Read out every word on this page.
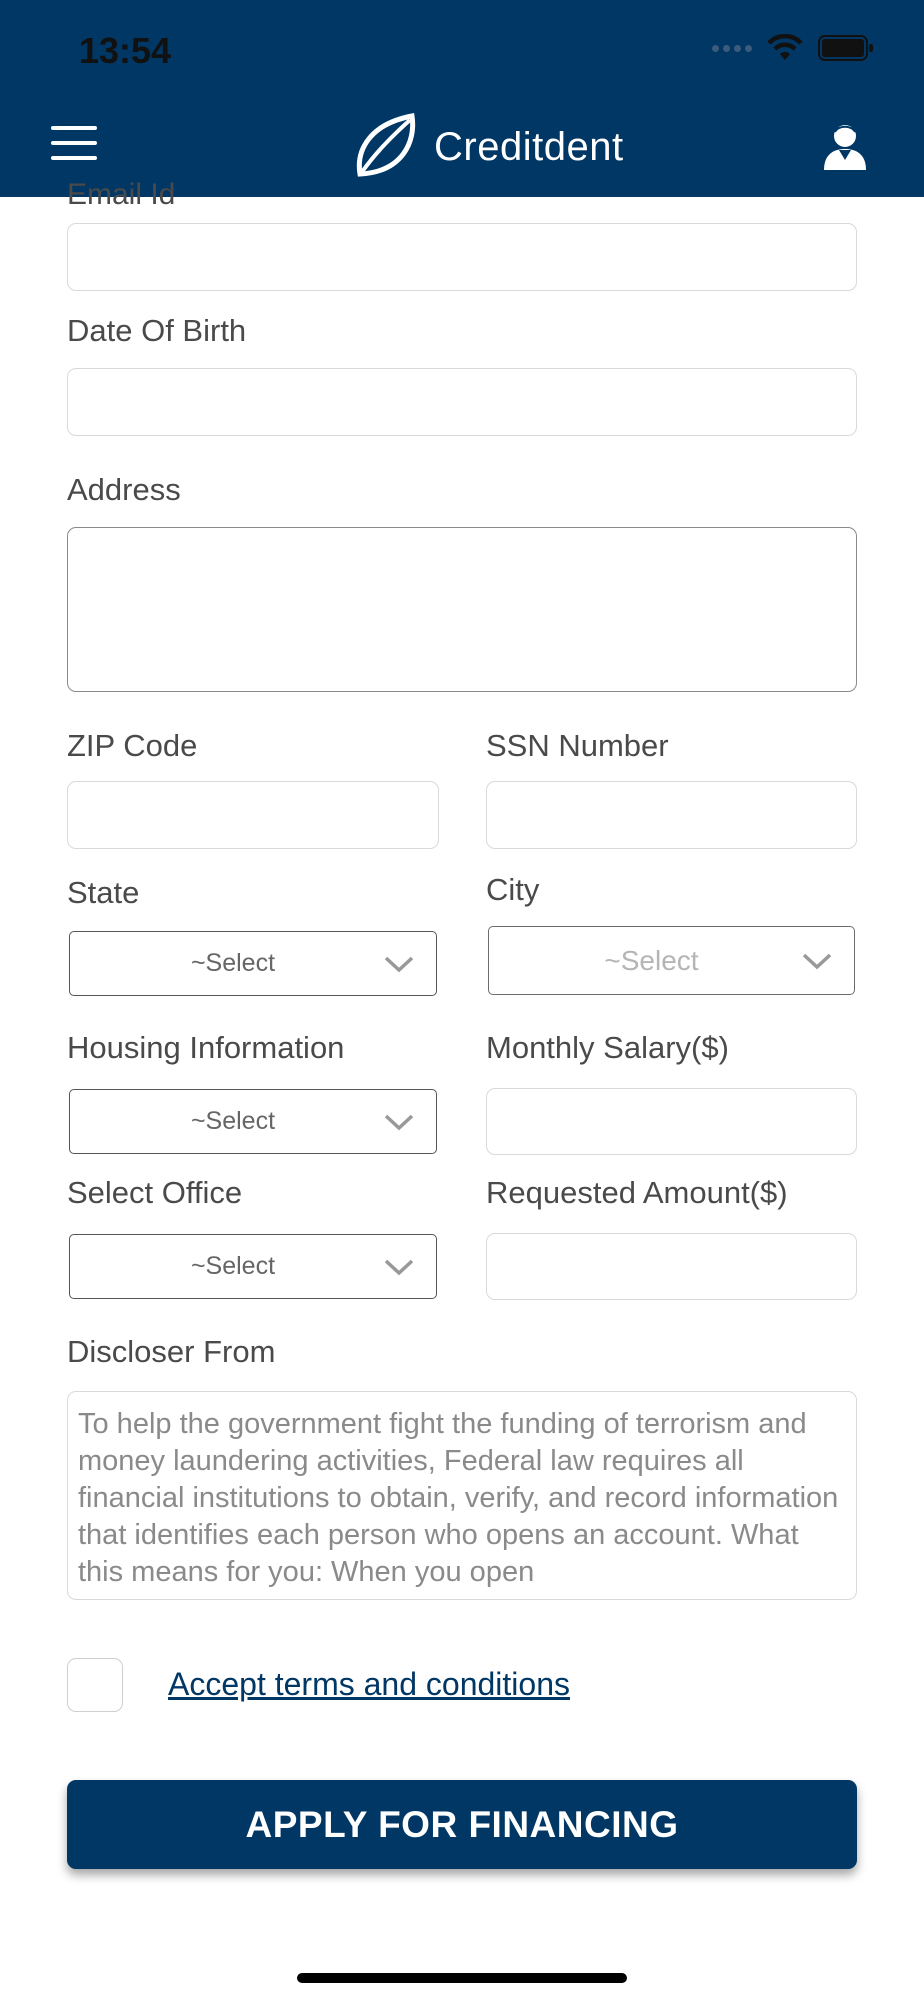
13:54
Creditdent
Email Id
Date Of Birth
Address
ZIP Code	SSN Number
State
~Select
City
~Select
Housing Information
~Select
Monthly Salary($)
Select Office
~Select
Requested Amount($)
Discloser From
To help the government fight the funding of terrorism and money laundering activities, Federal law requires all financial institutions to obtain, verify, and record information that identifies each person who opens an account. What this means for you: When you open
Accept terms and conditions
APPLY FOR FINANCING
